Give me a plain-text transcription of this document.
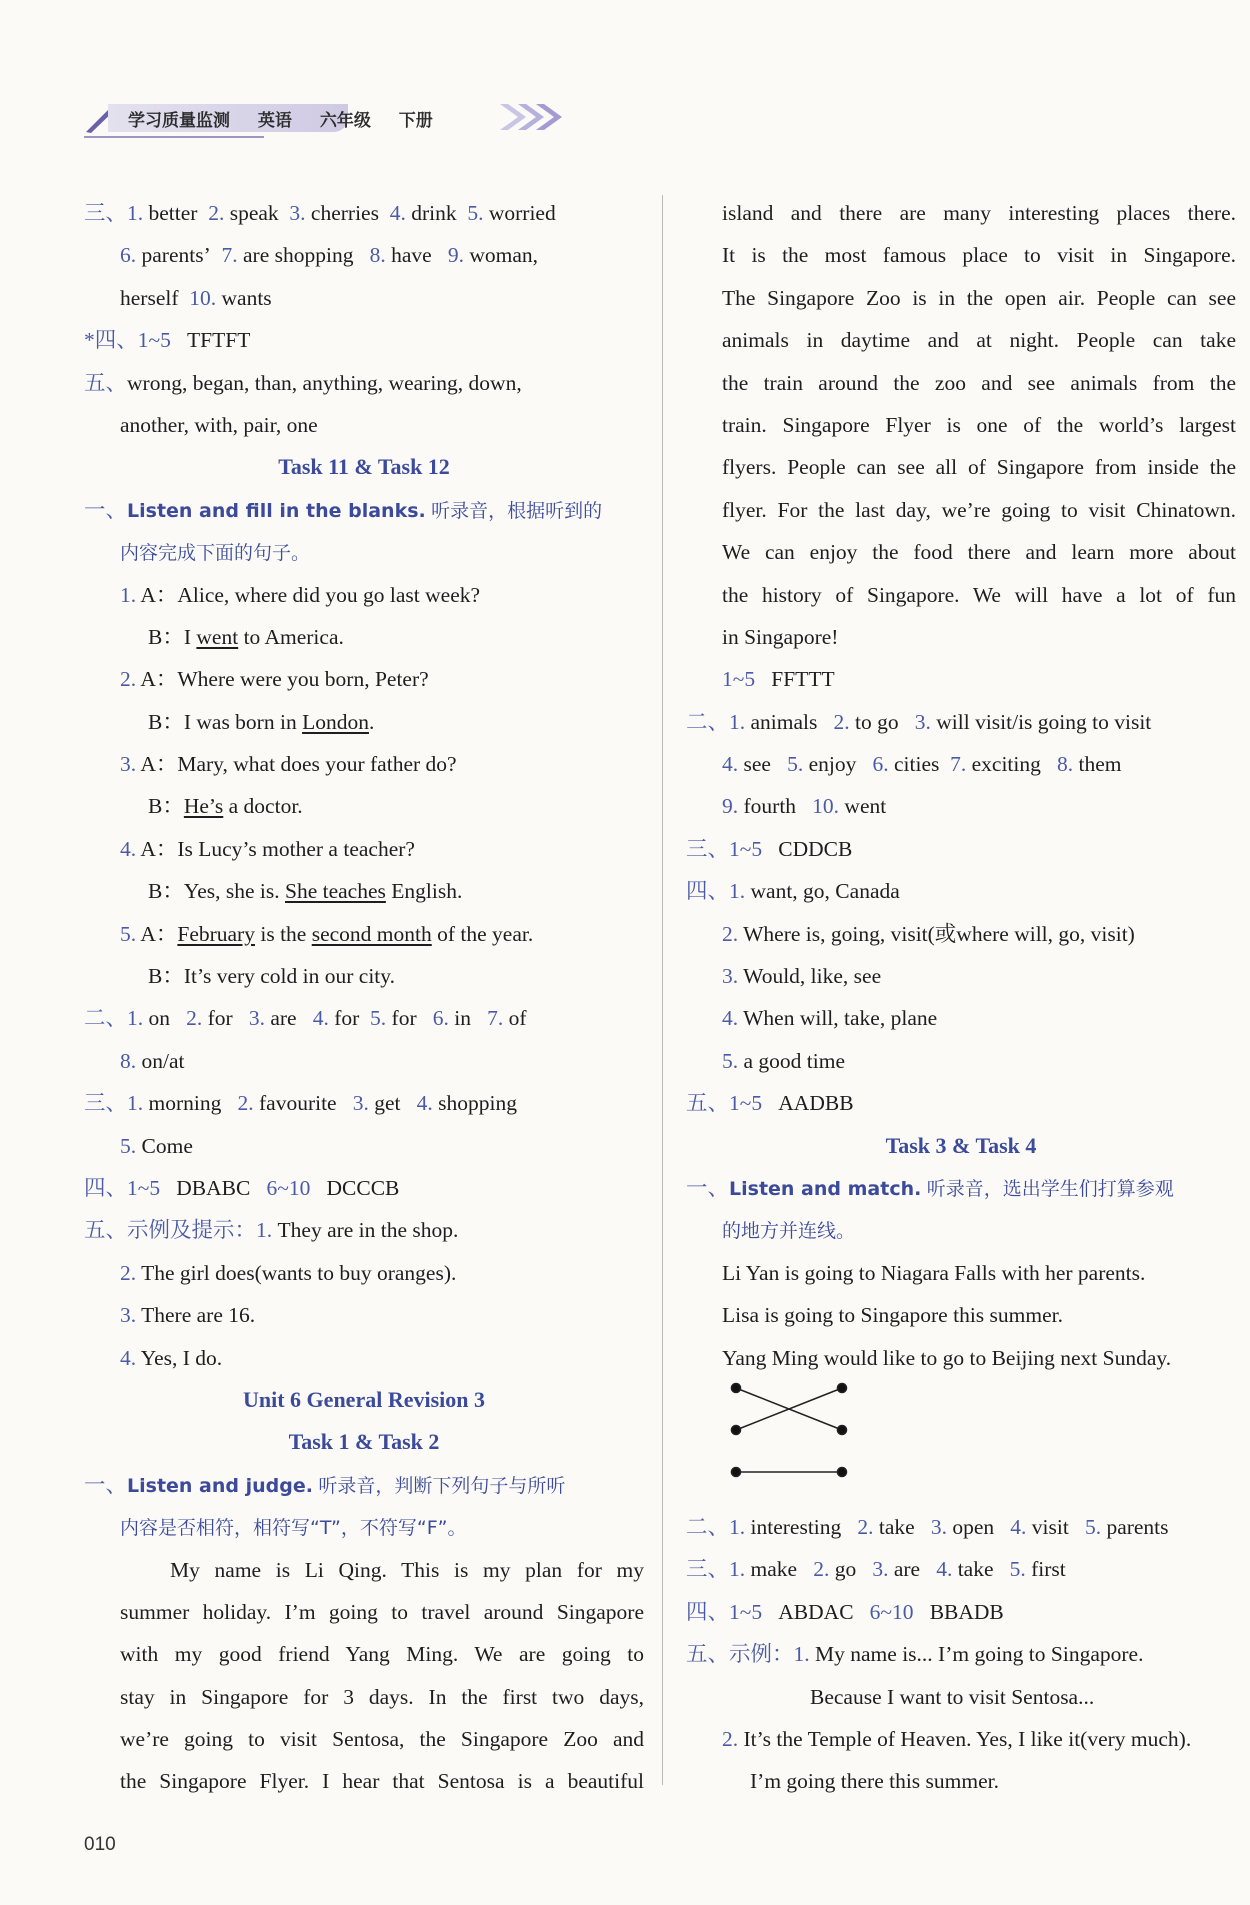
学习质量监测 英语 六年级 下册
三、1. better 2. speak 3. cherries 4. drink 5. worried
6. parents’ 7. are shopping 8. have 9. woman,
herself 10. wants
*四、1~5 TFTFT
五、wrong, began, than, anything, wearing, down,
another, with, pair, one
Task 11 & Task 12
一、Listen and fill in the blanks. 听录音，根据听到的
内容完成下面的句子。
1. A：Alice, where did you go last week?
B：I went to America.
2. A：Where were you born, Peter?
B：I was born in London.
3. A：Mary, what does your father do?
B：He’s a doctor.
4. A：Is Lucy’s mother a teacher?
B：Yes, she is. She teaches English.
5. A：February is the second month of the year.
B：It’s very cold in our city.
二、1. on 2. for 3. are 4. for 5. for 6. in 7. of
8. on/at
三、1. morning 2. favourite 3. get 4. shopping
5. Come
四、1~5 DBABC 6~10 DCCCB
五、示例及提示：1. They are in the shop.
2. The girl does(wants to buy oranges).
3. There are 16.
4. Yes, I do.
Unit 6 General Revision 3
Task 1 & Task 2
一、Listen and judge. 听录音，判断下列句子与所听
内容是否相符，相符写“T”，不符写“F”。
My name is Li Qing. This is my plan for my
summer holiday. I’m going to travel around Singapore
with my good friend Yang Ming. We are going to
stay in Singapore for 3 days. In the first two days,
we’re going to visit Sentosa, the Singapore Zoo and
the Singapore Flyer. I hear that Sentosa is a beautiful
island and there are many interesting places there.
It is the most famous place to visit in Singapore.
The Singapore Zoo is in the open air. People can see
animals in daytime and at night. People can take
the train around the zoo and see animals from the
train. Singapore Flyer is one of the world’s largest
flyers. People can see all of Singapore from inside the
flyer. For the last day, we’re going to visit Chinatown.
We can enjoy the food there and learn more about
the history of Singapore. We will have a lot of fun
in Singapore!
1~5 FFTTT
二、1. animals 2. to go 3. will visit/is going to visit
4. see 5. enjoy 6. cities 7. exciting 8. them
9. fourth 10. went
三、1~5 CDDCB
四、1. want, go, Canada
2. Where is, going, visit(或where will, go, visit)
3. Would, like, see
4. When will, take, plane
5. a good time
五、1~5 AADBB
Task 3 & Task 4
一、Listen and match. 听录音，选出学生们打算参观
的地方并连线。
Li Yan is going to Niagara Falls with her parents.
Lisa is going to Singapore this summer.
Yang Ming would like to go to Beijing next Sunday.
二、1. interesting 2. take 3. open 4. visit 5. parents
三、1. make 2. go 3. are 4. take 5. first
四、1~5 ABDAC 6~10 BBADB
五、示例：1. My name is... I’m going to Singapore.
Because I want to visit Sentosa...
2. It’s the Temple of Heaven. Yes, I like it(very much).
I’m going there this summer.
010
